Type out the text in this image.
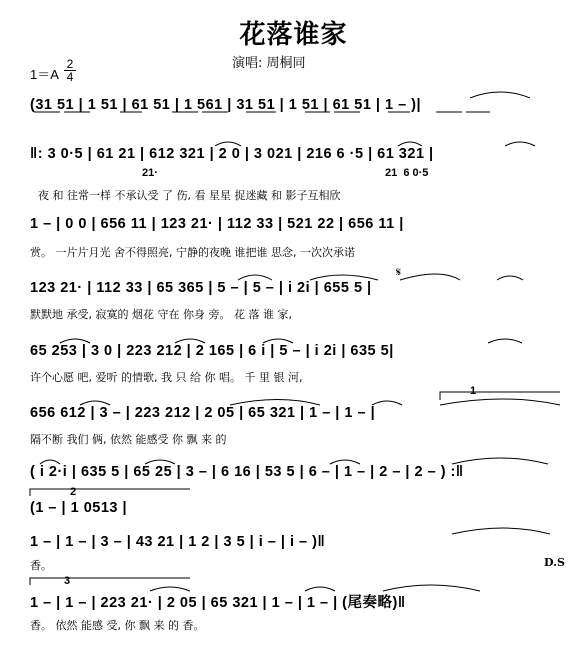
花落谁家
演唱: 周桐同
1＝A
2
4
(31 51 | 1 51 | 61 51 | 1 561 | 31 51 | 1 51 | 61 51 | 1 – )|
‖: 3 0·5 | 61 21 | 612 321 | 2 0 | 3 021 | 216 6 ·5 | 61 321 |
21·	21  6 0·5
夜 和 往常一样 不承认受 了 伤, 看 星星 捉迷藏 和 影子互相欣
1 – | 0 0 | 656 11 | 123 21· | 112 33 | 521 22 | 656 11 |
赏。 一片片月光 舍不得照亮, 宁静的夜晚 谁把谁 思念, 一次次承诺
123 21· | 112 33 | 65 365 | 5 – | 5 – | i 2i | 655 5 |
𝄋
默默地 承受, 寂寞的 烟花 守在 你身 旁。 花 落 谁 家,
65 253 | 3 0 | 223 212 | 2 165 | 6 i | 5 – | i 2i | 635 5|
许个心愿 吧, 爱听 的情歌, 我 只 给 你 唱。 千 里 银 河,
656 612 | 3 – | 223 212 | 2 05 | 65 321 | 1 – | 1 – |
1
隔不断 我们 俩, 依然 能感受 你 飘 来 的
( i 2·i | 635 5 | 65 25 | 3 – | 6 16 | 53 5 | 6 – | 1 – | 2 – | 2 – ) :‖
2
(1 – | 1 0513 |
1 – | 1 – | 3 – | 43 21 | 1 2 | 3 5 | i – | i – )‖
香。	D.S
3
1 – | 1 – | 223 21· | 2 05 | 65 321 | 1 – | 1 – | (尾奏略)‖
香。 依然 能感 受, 你 飘 来 的 香。
